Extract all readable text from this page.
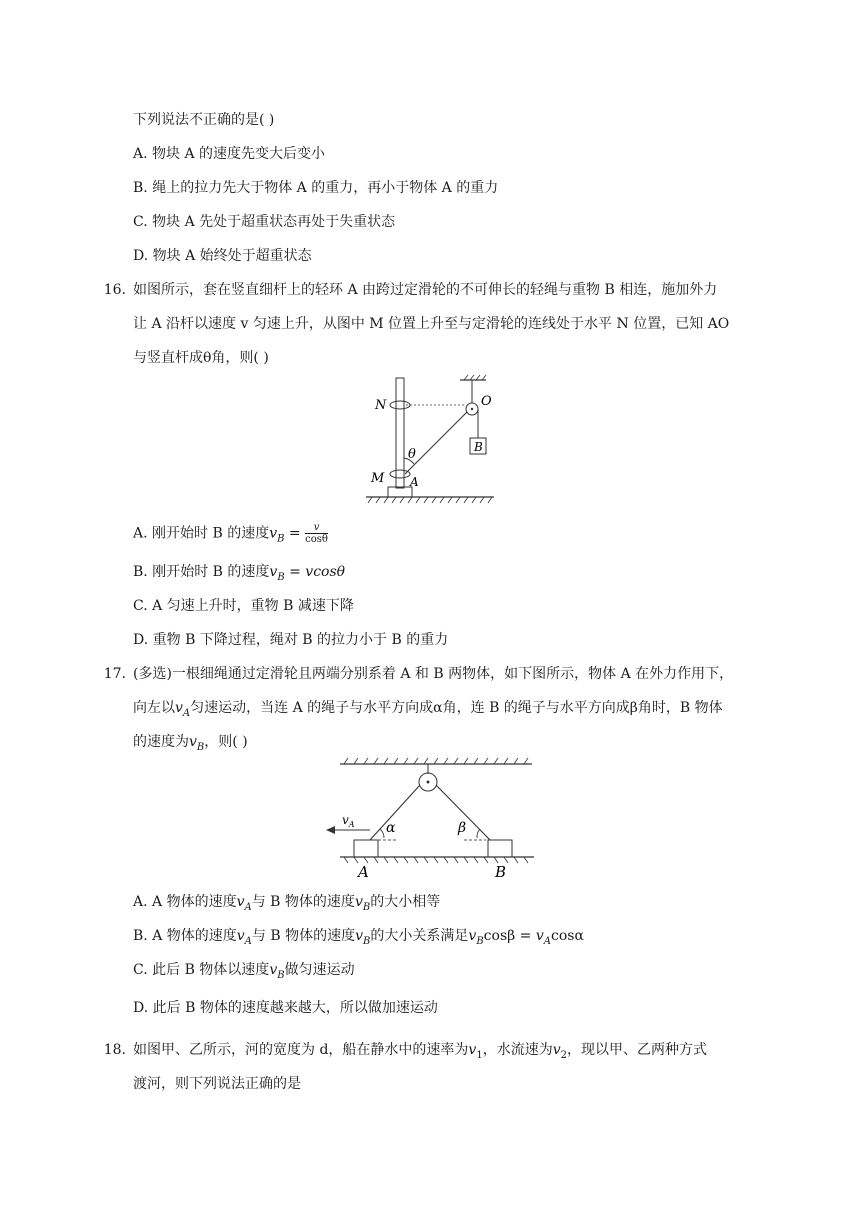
下列说法不正确的是( )
A. 物块 A 的速度先变大后变小
B. 绳上的拉力先大于物体 A 的重力，再小于物体 A 的重力
C. 物块 A 先处于超重状态再处于失重状态
D. 物块 A 始终处于超重状态
16. 如图所示，套在竖直细杆上的轻环 A 由跨过定滑轮的不可伸长的轻绳与重物 B 相连，施加外力
让 A 沿杆以速度 v 匀速上升，从图中 M 位置上升至与定滑轮的连线处于水平 N 位置，已知 AO
与竖直杆成θ角，则( )
N	O
B
θ
M A
A. 刚开始时 B 的速度$v_B = \frac{v}{\cos\theta}$
B. 刚开始时 B 的速度$v_B = vcos\theta$
C. A 匀速上升时，重物 B 减速下降
D. 重物 B 下降过程，绳对 B 的拉力小于 B 的重力
17. (多选)一根细绳通过定滑轮且两端分别系着 A 和 B 两物体，如下图所示，物体 A 在外力作用下，
向左以$v_A$匀速运动，当连 A 的绳子与水平方向成α角，连 B 的绳子与水平方向成β角时，B 物体
的速度为$v_B$，则( )
$v_A$ α	β
A	B
A. A 物体的速度$v_A$与 B 物体的速度$v_B$的大小相等
B. A 物体的速度$v_A$与 B 物体的速度$v_B$的大小关系满足$v_B\cos\beta = v_A\cos\alpha$
C. 此后 B 物体以速度$v_B$做匀速运动
D. 此后 B 物体的速度越来越大，所以做加速运动
18. 如图甲、乙所示，河的宽度为 d，船在静水中的速率为$v_1$，水流速为$v_2$，现以甲、乙两种方式
渡河，则下列说法正确的是
